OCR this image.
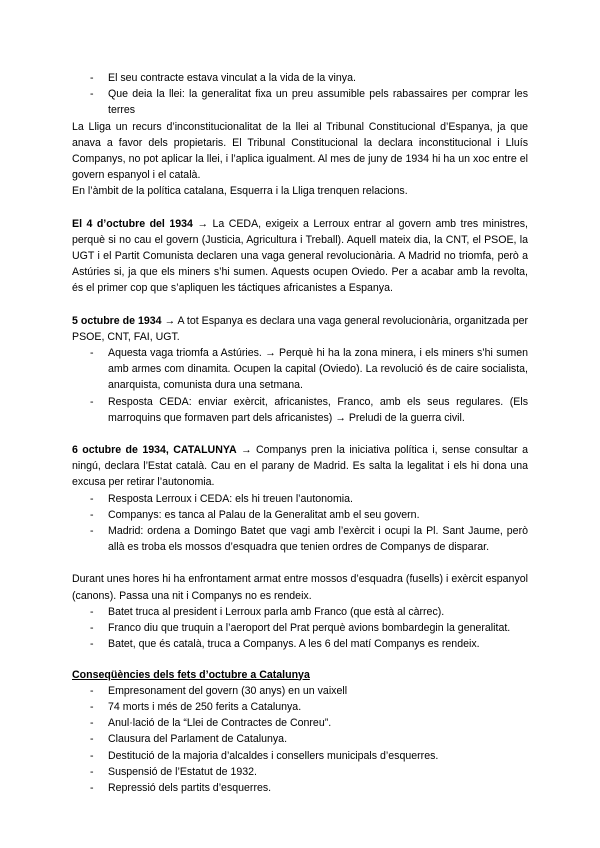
- El seu contracte estava vinculat a la vida de la vinya.
- Que deia la llei: la generalitat fixa un preu assumible pels rabassaires per comprar les terres

La Lliga un recurs d’inconstitucionalitat de la llei al Tribunal Constitucional d’Espanya, ja que anava a favor dels propietaris. El Tribunal Constitucional la declara inconstitucional i Lluís Companys, no pot aplicar la llei, i l’aplica igualment. Al mes de juny de 1934 hi ha un xoc entre el govern espanyol i el català.

En l’àmbit de la política catalana, Esquerra i la Lliga trenquen relacions.

El 4 d’octubre del 1934 → La CEDA, exigeix a Lerroux entrar al govern amb tres ministres, perquè si no cau el govern (Justicia, Agricultura i Treball). Aquell mateix dia, la CNT, el PSOE, la UGT i el Partit Comunista declaren una vaga general revolucionària. A Madrid no triomfa, però a Astúries si, ja que els miners s’hi sumen. Aquests ocupen Oviedo. Per a acabar amb la revolta, és el primer cop que s’apliquen les táctiques africanistes a Espanya.

5 octubre de 1934 → A tot Espanya es declara una vaga general revolucionària, organitzada per PSOE, CNT, FAI, UGT.

- Aquesta vaga triomfa a Astúries. → Perquè hi ha la zona minera, i els miners s’hi sumen amb armes com dinamita. Ocupen la capital (Oviedo). La revolució és de caire socialista, anarquista, comunista dura una setmana.
- Resposta CEDA: enviar exèrcit, africanistes, Franco, amb els seus regulares. (Els marroquins que formaven part dels africanistes) → Preludi de la guerra civil.

6 octubre de 1934, CATALUNYA → Companys pren la iniciativa política i, sense consultar a ningú, declara l’Estat català. Cau en el parany de Madrid. Es salta la legalitat i els hi dona una excusa per retirar l’autonomia.

- Resposta Lerroux i CEDA: els hi treuen l’autonomia.
- Companys: es tanca al Palau de la Generalitat amb el seu govern.
- Madrid: ordena a Domingo Batet que vagi amb l’exèrcit i ocupi la Pl. Sant Jaume, però allà es troba els mossos d’esquadra que tenien ordres de Companys de disparar.

Durant unes hores hi ha enfrontament armat entre mossos d’esquadra (fusells) i exèrcit espanyol (canons). Passa una nit i Companys no es rendeix.

- Batet truca al president i Lerroux parla amb Franco (que està al càrrec).
- Franco diu que truquin a l’aeroport del Prat perquè avions bombardegin la generalitat.
- Batet, que és català, truca a Companys. A les 6 del matí Companys es rendeix.

Conseqüències dels fets d’octubre a Catalunya

- Empresonament del govern (30 anys) en un vaixell
- 74 morts i més de 250 ferits a Catalunya.
- Anul·lació de la “Llei de Contractes de Conreu”.
- Clausura del Parlament de Catalunya.
- Destitució de la majoria d’alcaldes i consellers municipals d’esquerres.
- Suspensió de l’Estatut de 1932.
- Repressió dels partits d’esquerres.
